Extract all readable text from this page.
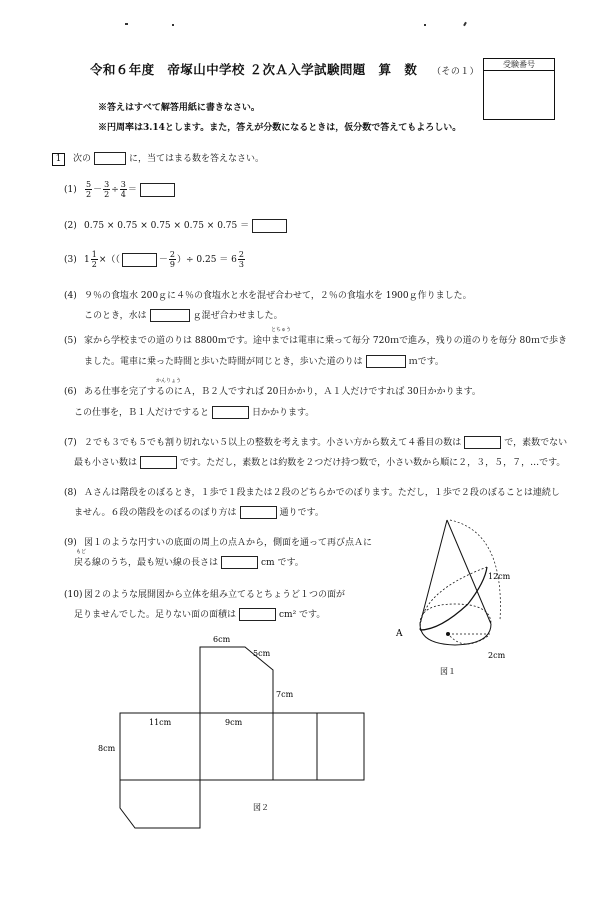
令和６年度　帝塚山中学校 ２次Ａ入学試験問題　算　数 （その１）
受験番号
※答えはすべて解答用紙に書きなさい。
※円周率は3.14とします。また，答えが分数になるときは，仮分数で答えてもよろしい。
1 次の	に，当てはまる数を答えなさい。
(1)	$\frac{5}{2} - \frac{3}{2} \div \frac{3}{4}$ ＝
(2) 0.75 × 0.75 × 0.75 × 0.75 × 0.75 ＝
(3) $1 \frac{1}{2}$ ×（（	－ $\frac{2}{9}$ ）÷ $0.25 = 6 \frac{2}{3}$
(4) ９％の食塩水 200ｇに４％の食塩水と水を混ぜ合わせて，２％の食塩水を 1900ｇ作りました。
このとき，水は	ｇ混ぜ合わせました。
とちゅう
(5) 家から学校までの道のりは 8800ｍです。途中までは電車に乗って毎分 720ｍで進み，残りの道のりを毎分 80ｍで歩き
ました。電車に乗った時間と歩いた時間が同じとき，歩いた道のりは	ｍです。
かんりょう
(6) ある仕事を完了するのにＡ，Ｂ２人ですれば 20日かかり，Ａ１人だけですれば 30日かかります。
この仕事を，Ｂ１人だけですると	日かかります。
(7) ２でも３でも５でも割り切れない５以上の整数を考えます。小さい方から数えて４番目の数は	で，素数でない
最も小さい数は	です。ただし，素数とは約数を２つだけ持つ数で，小さい数から順に２，３，５，７，…です。
(8) Ａさんは階段をのぼるとき，１歩で１段または２段のどちらかでのぼります。ただし，１歩で２段のぼることは連続し
ません。６段の階段をのぼるのぼり方は	通りです。
(9) 図１のような円すいの底面の周上の点Ａから，側面を通って再び点Ａに
もど
戻る線のうち，最も短い線の長さは	cm です。
(10) 図２のような展開図から立体を組み立てるとちょうど１つの面が
足りませんでした。足りない面の面積は	cm² です。
12cm
2cm
A
図１
6cm
5cm
7cm
11cm	9cm
8cm
図２
